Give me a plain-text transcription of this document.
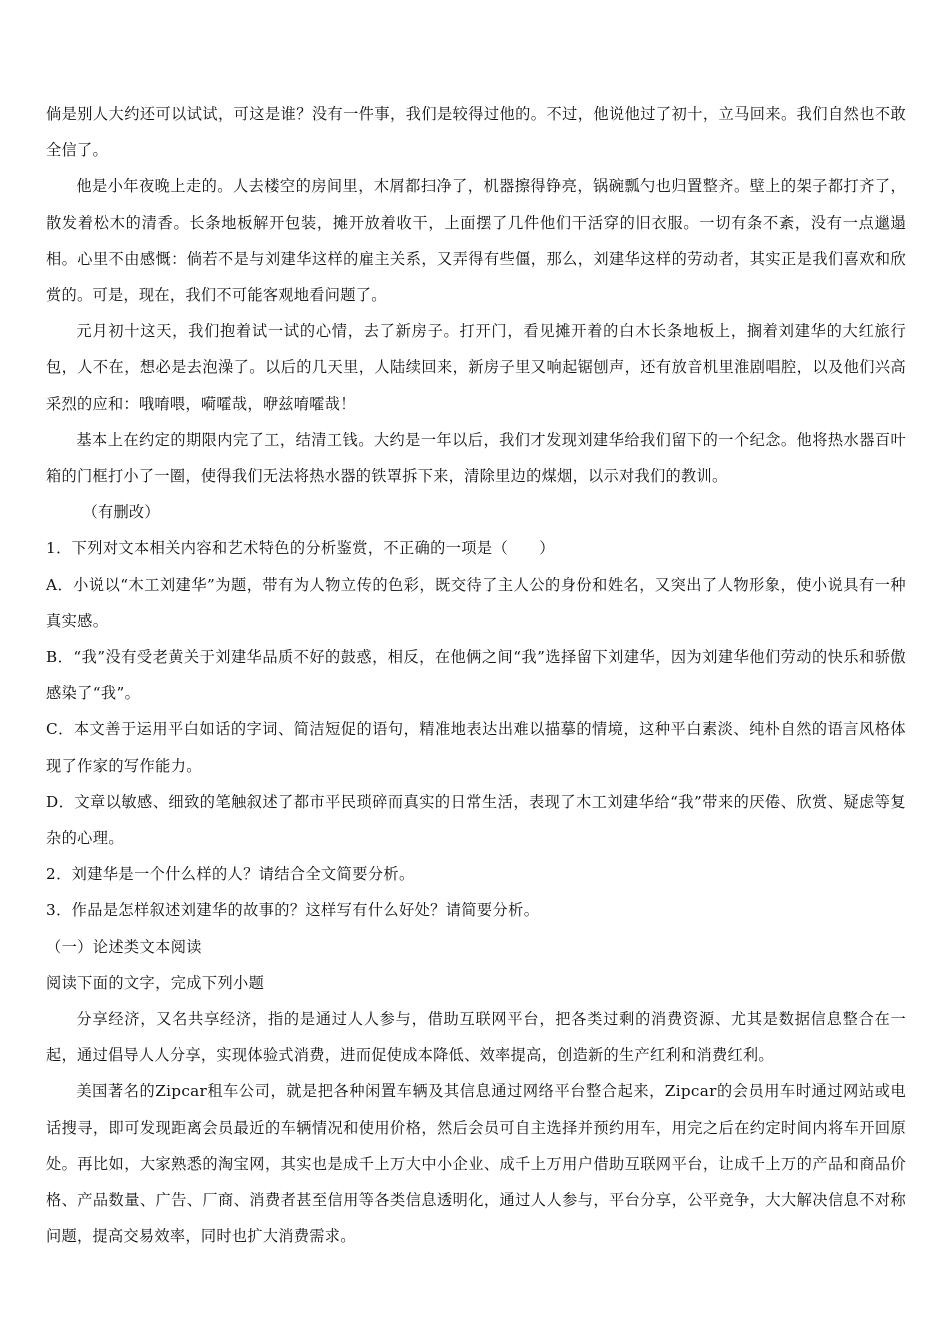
倘是别人大约还可以试试，可这是谁？没有一件事，我们是较得过他的。不过，他说他过了初十，立马回来。我们自然也不敢全信了。

他是小年夜晚上走的。人去楼空的房间里，木屑都扫净了，机器擦得铮亮，锅碗瓢勺也归置整齐。壁上的架子都打齐了，散发着松木的清香。长条地板解开包装，摊开放着收干，上面摆了几件他们干活穿的旧衣服。一切有条不紊，没有一点邋遢相。心里不由感慨：倘若不是与刘建华这样的雇主关系，又弄得有些僵，那么，刘建华这样的劳动者，其实正是我们喜欢和欣赏的。可是，现在，我们不可能客观地看问题了。

元月初十这天，我们抱着试一试的心情，去了新房子。打开门，看见摊开着的白木长条地板上，搁着刘建华的大红旅行包，人不在，想必是去泡澡了。以后的几天里，人陆续回来，新房子里又响起锯刨声，还有放音机里淮剧唱腔，以及他们兴高采烈的应和：哦唷喂，嗬嚯哉，咿兹唷嚯哉！

基本上在约定的期限内完了工，结清工钱。大约是一年以后，我们才发现刘建华给我们留下的一个纪念。他将热水器百叶箱的门框打小了一圈，使得我们无法将热水器的铁罩拆下来，清除里边的煤烟，以示对我们的教训。

（有删改）

1．下列对文本相关内容和艺术特色的分析鉴赏，不正确的一项是（　　）

A．小说以“木工刘建华”为题，带有为人物立传的色彩，既交待了主人公的身份和姓名，又突出了人物形象，使小说具有一种真实感。

B．“我”没有受老黄关于刘建华品质不好的鼓惑，相反，在他俩之间“我”选择留下刘建华，因为刘建华他们劳动的快乐和骄傲感染了“我”。

C．本文善于运用平白如话的字词、简洁短促的语句，精准地表达出难以描摹的情境，这种平白素淡、纯朴自然的语言风格体现了作家的写作能力。

D．文章以敏感、细致的笔触叙述了都市平民琐碎而真实的日常生活，表现了木工刘建华给“我”带来的厌倦、欣赏、疑虑等复杂的心理。

2．刘建华是一个什么样的人？请结合全文简要分析。

3．作品是怎样叙述刘建华的故事的？这样写有什么好处？请简要分析。

（一）论述类文本阅读

阅读下面的文字，完成下列小题

分享经济，又名共享经济，指的是通过人人参与，借助互联网平台，把各类过剩的消费资源、尤其是数据信息整合在一起，通过倡导人人分享，实现体验式消费，进而促使成本降低、效率提高，创造新的生产红利和消费红利。

美国著名的Zipcar租车公司，就是把各种闲置车辆及其信息通过网络平台整合起来，Zipcar的会员用车时通过网站或电话搜寻，即可发现距离会员最近的车辆情况和使用价格，然后会员可自主选择并预约用车，用完之后在约定时间内将车开回原处。再比如，大家熟悉的淘宝网，其实也是成千上万大中小企业、成千上万用户借助互联网平台，让成千上万的产品和商品价格、产品数量、广告、厂商、消费者甚至信用等各类信息透明化，通过人人参与，平台分享，公平竞争，大大解决信息不对称问题，提高交易效率，同时也扩大消费需求。
